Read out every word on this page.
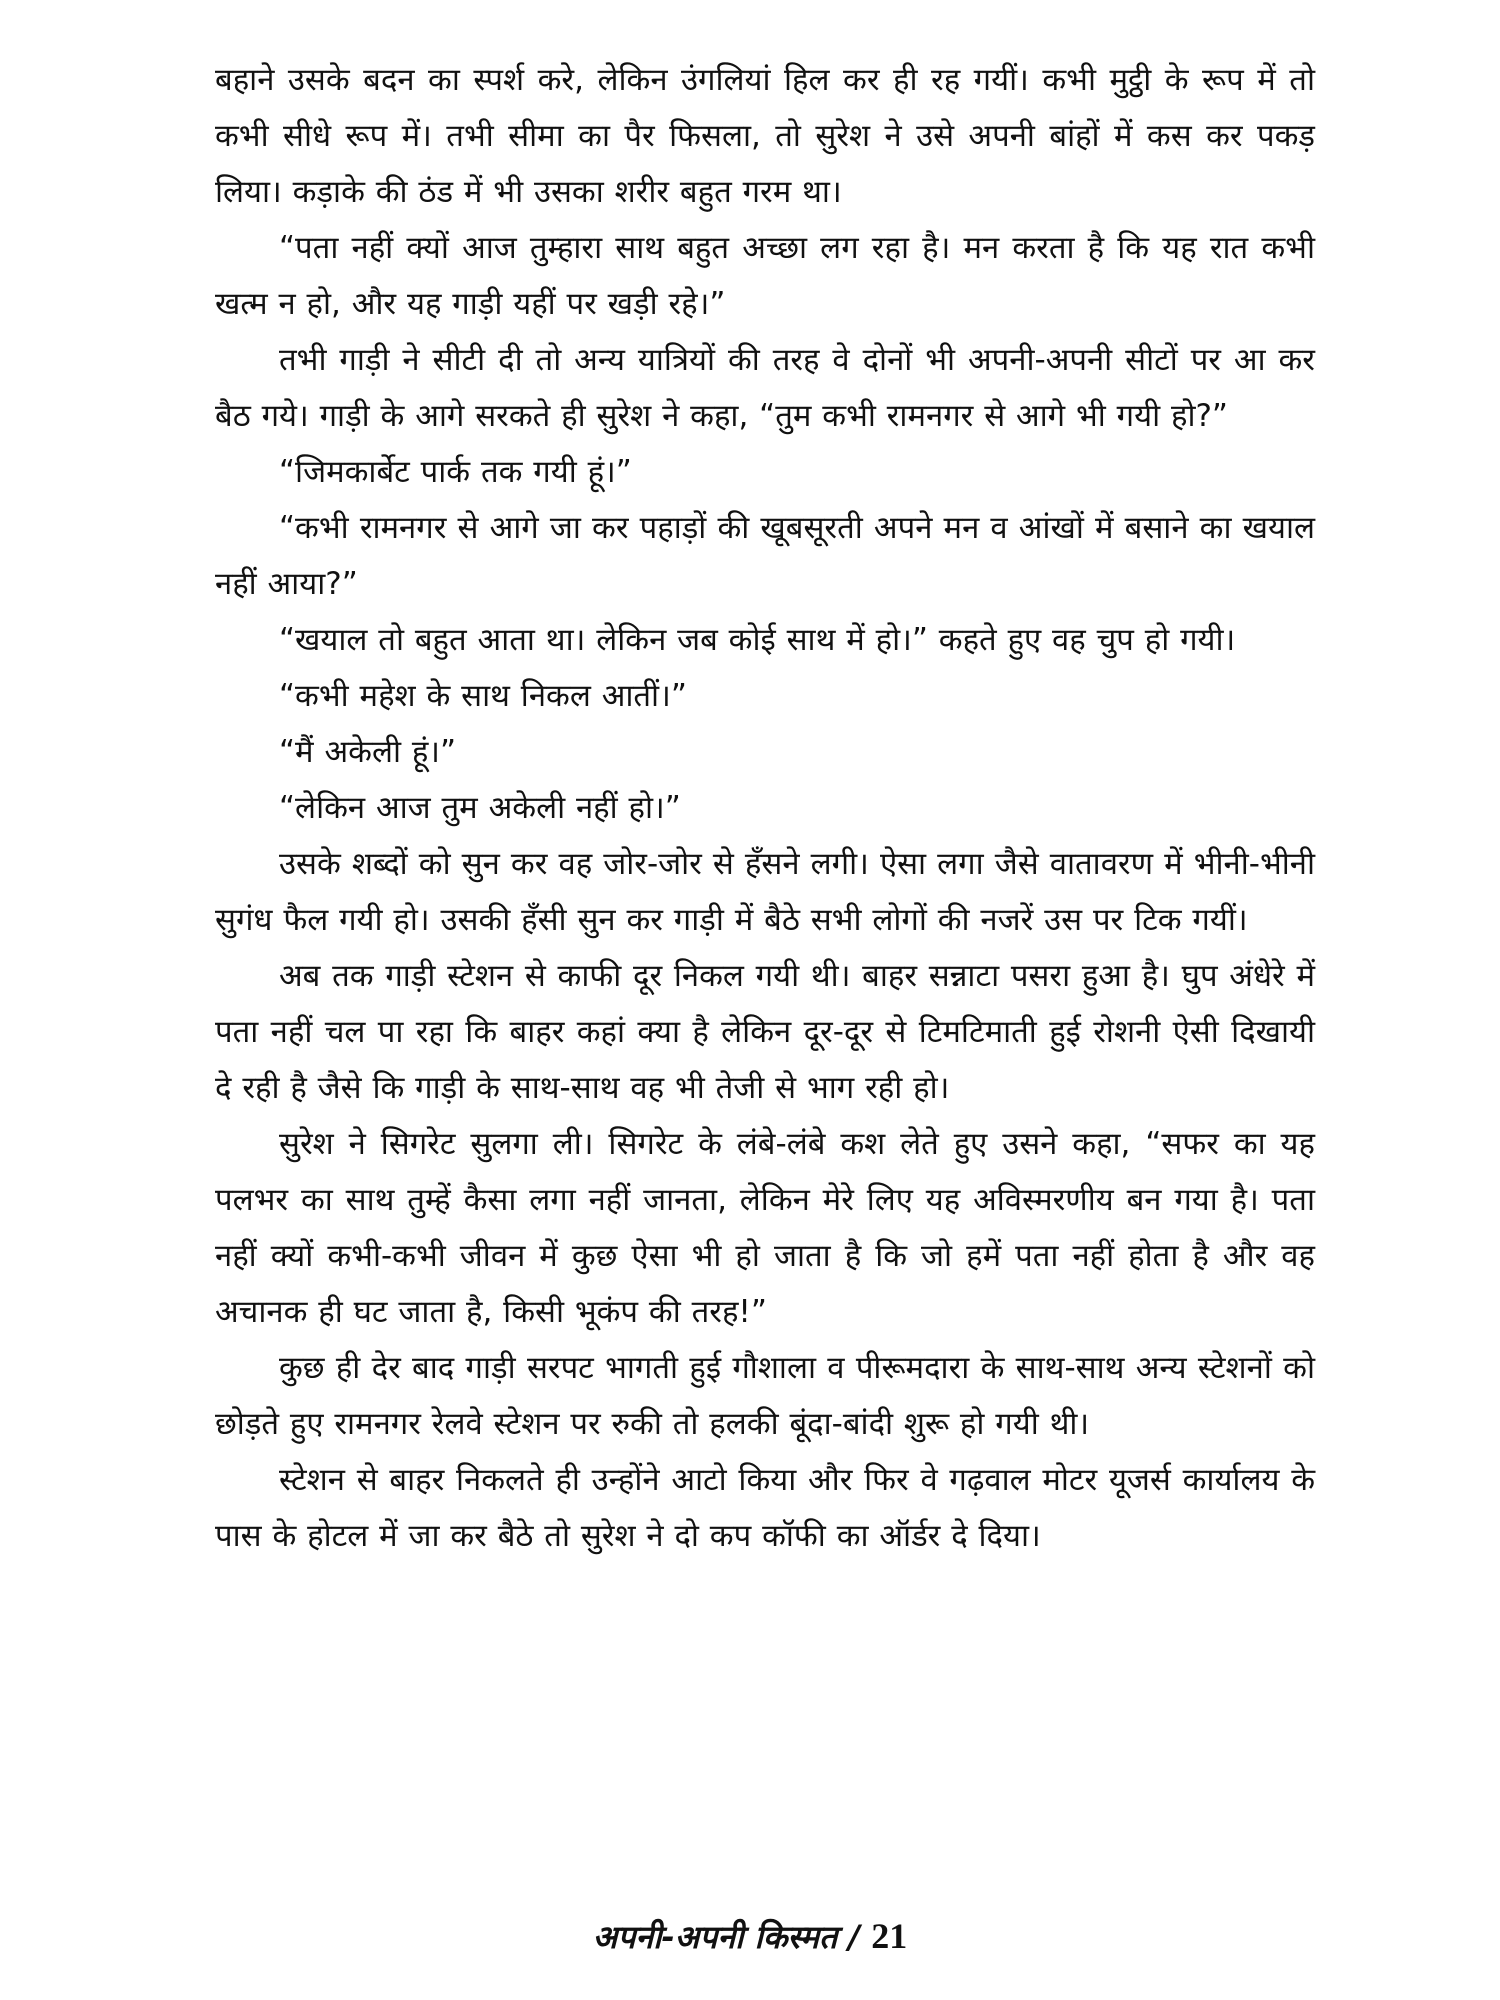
बहाने उसके बदन का स्पर्श करे, लेकिन उंगलियां हिल कर ही रह गयीं। कभी मुट्ठी के रूप में तो कभी सीधे रूप में। तभी सीमा का पैर फिसला, तो सुरेश ने उसे अपनी बांहों में कस कर पकड़ लिया। कड़ाके की ठंड में भी उसका शरीर बहुत गरम था।

“पता नहीं क्यों आज तुम्हारा साथ बहुत अच्छा लग रहा है। मन करता है कि यह रात कभी खत्म न हो, और यह गाड़ी यहीं पर खड़ी रहे।”

तभी गाड़ी ने सीटी दी तो अन्य यात्रियों की तरह वे दोनों भी अपनी-अपनी सीटों पर आ कर बैठ गये। गाड़ी के आगे सरकते ही सुरेश ने कहा, “तुम कभी रामनगर से आगे भी गयी हो?”

“जिमकार्बेट पार्क तक गयी हूं।”

“कभी रामनगर से आगे जा कर पहाड़ों की खूबसूरती अपने मन व आंखों में बसाने का खयाल नहीं आया?”

“खयाल तो बहुत आता था। लेकिन जब कोई साथ में हो।” कहते हुए वह चुप हो गयी।

“कभी महेश के साथ निकल आतीं।”

“मैं अकेली हूं।”

“लेकिन आज तुम अकेली नहीं हो।”

उसके शब्दों को सुन कर वह जोर-जोर से हँसने लगी। ऐसा लगा जैसे वातावरण में भीनी-भीनी सुगंध फैल गयी हो। उसकी हँसी सुन कर गाड़ी में बैठे सभी लोगों की नजरें उस पर टिक गयीं।

अब तक गाड़ी स्टेशन से काफी दूर निकल गयी थी। बाहर सन्नाटा पसरा हुआ है। घुप अंधेरे में पता नहीं चल पा रहा कि बाहर कहां क्या है लेकिन दूर-दूर से टिमटिमाती हुई रोशनी ऐसी दिखायी दे रही है जैसे कि गाड़ी के साथ-साथ वह भी तेजी से भाग रही हो।

सुरेश ने सिगरेट सुलगा ली। सिगरेट के लंबे-लंबे कश लेते हुए उसने कहा, “सफर का यह पलभर का साथ तुम्हें कैसा लगा नहीं जानता, लेकिन मेरे लिए यह अविस्मरणीय बन गया है। पता नहीं क्यों कभी-कभी जीवन में कुछ ऐसा भी हो जाता है कि जो हमें पता नहीं होता है और वह अचानक ही घट जाता है, किसी भूकंप की तरह!”

कुछ ही देर बाद गाड़ी सरपट भागती हुई गौशाला व पीरूमदारा के साथ-साथ अन्य स्टेशनों को छोड़ते हुए रामनगर रेलवे स्टेशन पर रुकी तो हलकी बूंदा-बांदी शुरू हो गयी थी।

स्टेशन से बाहर निकलते ही उन्होंने आटो किया और फिर वे गढ़वाल मोटर यूजर्स कार्यालय के पास के होटल में जा कर बैठे तो सुरेश ने दो कप कॉफी का ऑर्डर दे दिया।

अपनी-अपनी किस्मत / 21
